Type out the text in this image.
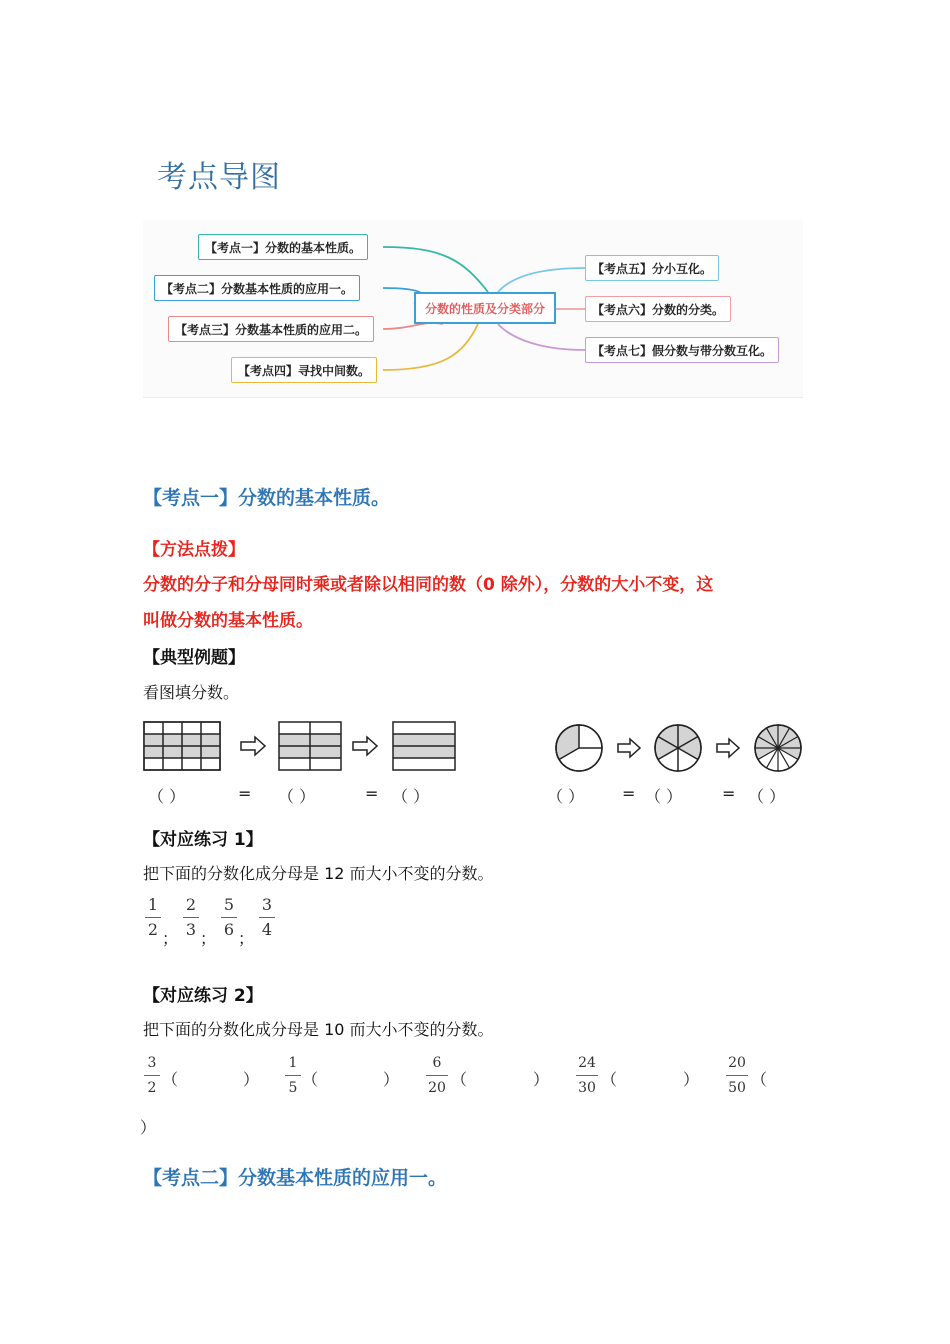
考点导图
【考点一】分数的基本性质。
【考点二】分数基本性质的应用一。
【考点三】分数基本性质的应用二。
【考点四】寻找中间数。
分数的性质及分类部分
【考点五】分小互化。
【考点六】分数的分类。
【考点七】假分数与带分数互化。
【考点一】分数的基本性质。
【方法点拨】
分数的分子和分母同时乘或者除以相同的数（0 除外），分数的大小不变，这
叫做分数的基本性质。
【典型例题】
看图填分数。
（ ）	= （ ）	= （ ）	（ ） = （ ） = （ ）
【对应练习 1】
把下面的分数化成分母是 12 而大小不变的分数。
1
2 ；
2
3 ；
5
6 ；
3
4
【对应练习 2】
把下面的分数化成分母是 10 而大小不变的分数。
3
2 （	）
1
5 （	）
6
20 （	）
24
30 （	）
20
50 （
）
【考点二】分数基本性质的应用一。
